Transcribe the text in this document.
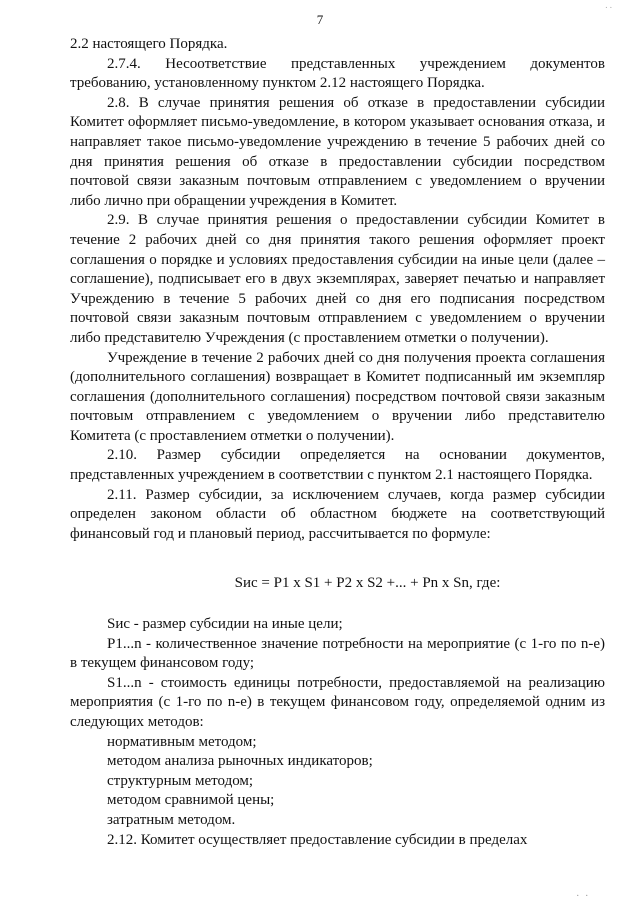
. .
7

2.2 настоящего Порядка.

2.7.4. Несоответствие представленных учреждением документов требованию, установленному пунктом 2.12 настоящего Порядка.

2.8. В случае принятия решения об отказе в предоставлении субсидии Комитет оформляет письмо-уведомление, в котором указывает основания отказа, и направляет такое письмо-уведомление учреждению в течение 5 рабочих дней со дня принятия решения об отказе в предоставлении субсидии посредством почтовой связи заказным почтовым отправлением с уведомлением о вручении либо лично при обращении учреждения в Комитет.

2.9. В случае принятия решения о предоставлении субсидии Комитет в течение 2 рабочих дней со дня принятия такого решения оформляет проект соглашения о порядке и условиях предоставления субсидии на иные цели (далее – соглашение), подписывает его в двух экземплярах, заверяет печатью и направляет Учреждению в течение 5 рабочих дней со дня его подписания посредством почтовой связи заказным почтовым отправлением с уведомлением о вручении либо представителю Учреждения (с проставлением отметки о получении).

Учреждение в течение 2 рабочих дней со дня получения проекта соглашения (дополнительного соглашения) возвращает в Комитет подписанный им экземпляр соглашения (дополнительного соглашения) посредством почтовой связи заказным почтовым отправлением с уведомлением о вручении либо представителю Комитета (с проставлением отметки о получении).

2.10. Размер субсидии определяется на основании документов, представленных учреждением в соответствии с пунктом 2.1 настоящего Порядка.

2.11. Размер субсидии, за исключением случаев, когда размер субсидии определен законом области об областном бюджете на соответствующий финансовый год и плановый период, рассчитывается по формуле:

Sис = P1 x S1 + P2 x S2 +... + Pn x Sn, где:

Sис - размер субсидии на иные цели;

P1...n - количественное значение потребности на мероприятие (с 1-го по n-е) в текущем финансовом году;

S1...n - стоимость единицы потребности, предоставляемой на реализацию мероприятия (с 1-го по n-е) в текущем финансовом году, определяемой одним из следующих методов:

нормативным методом;

методом анализа рыночных индикаторов;

структурным методом;

методом сравнимой цены;

затратным методом.

2.12. Комитет осуществляет предоставление субсидии в пределах

. .
